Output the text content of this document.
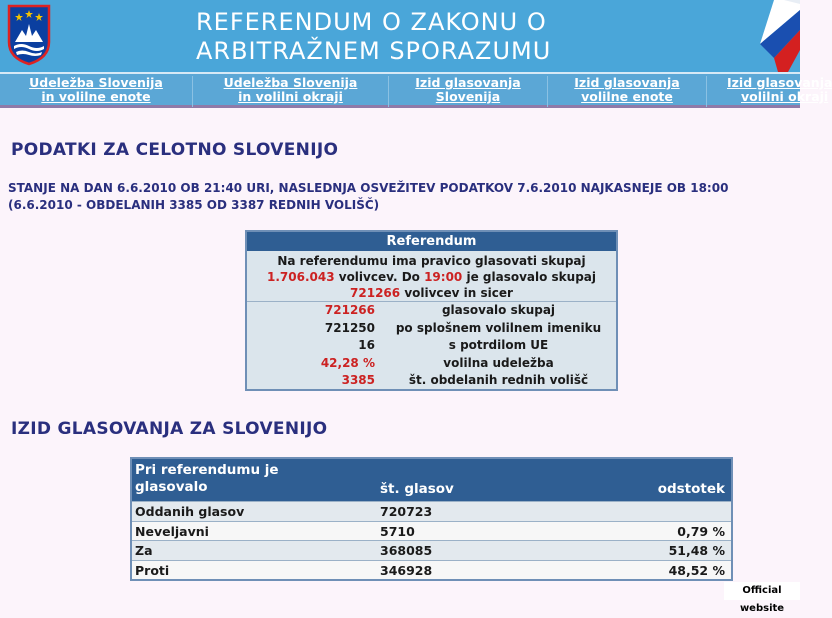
REFERENDUM O ZAKONU O
ARBITRAŽNEM SPORAZUMU
Udeležba Slovenija
in volilne enote
Udeležba Slovenija
in volilni okraji
Izid glasovanja
Slovenija
Izid glasovanja
volilne enote
Izid glasovanja
volilni okraji
PODATKI ZA CELOTNO SLOVENIJO
STANJE NA DAN 6.6.2010 OB 21:40 URI, NASLEDNJA OSVEŽITEV PODATKOV 7.6.2010 NAJKASNEJE OB 18:00
(6.6.2010 - OBDELANIH 3385 OD 3387 REDNIH VOLIŠČ)
Referendum
Na referendumu ima pravico glasovati skupaj
1.706.043 volivcev. Do 19:00 je glasovalo skupaj
721266 volivcev in sicer
721266	glasovalo skupaj
721250	po splošnem volilnem imeniku
16	s potrdilom UE
42,28 %	volilna udeležba
3385	št. obdelanih rednih volišč
IZID GLASOVANJA ZA SLOVENIJO
Pri referendumu je
glasovalo	št. glasov	odstotek
Oddanih glasov	720723
Neveljavni	5710	0,79 %
Za	368085	51,48 %
Proti	346928	48,52 %
Official website
